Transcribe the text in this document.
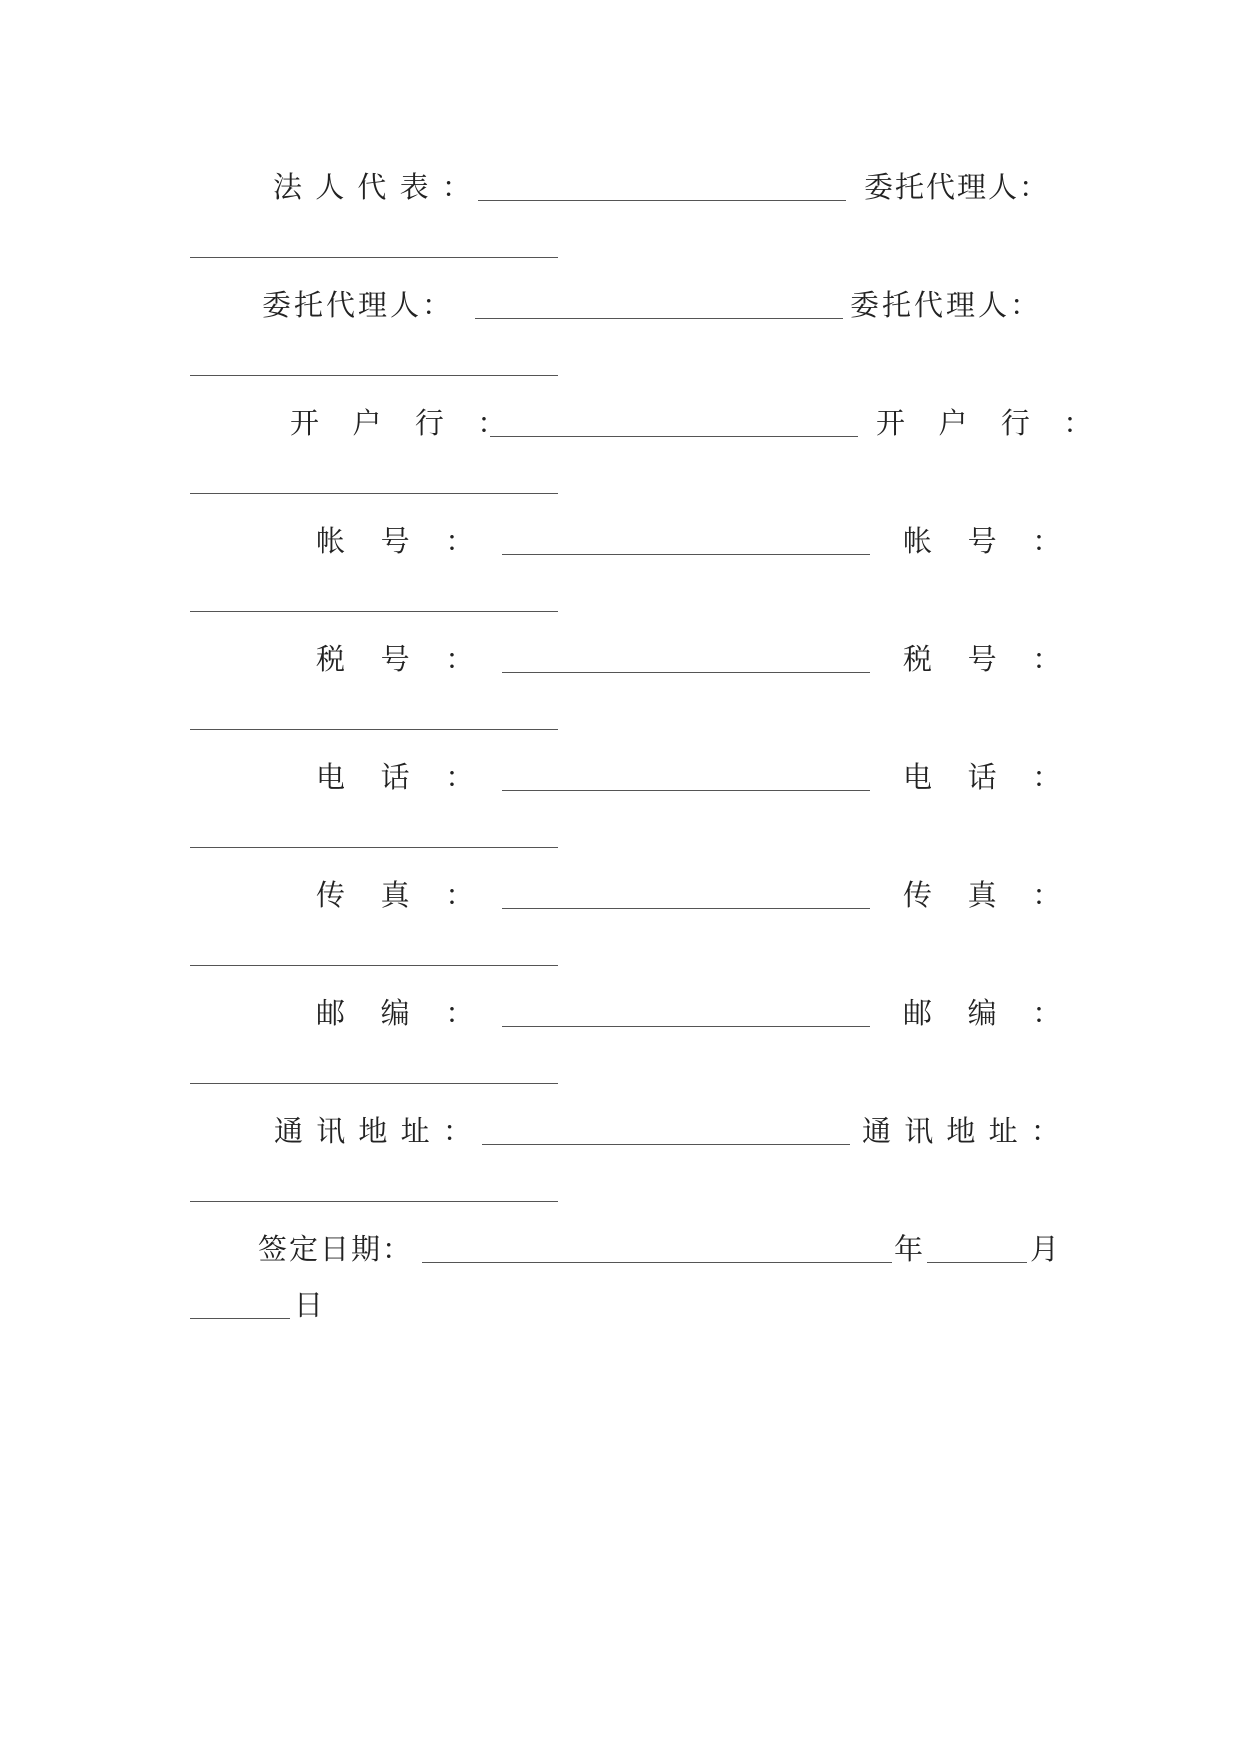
法 人 代 表 ：	委托代理人：
委托代理人：	委托代理人：
开  户  行  ：	开  户  行  ：
帐   号   ：	帐   号   ：
税   号   ：	税   号   ：
电   话   ：	电   话   ：
传   真   ：	传   真   ：
邮   编   ：	邮   编   ：
通 讯 地 址 ：	通 讯 地 址 ：
签定日期：	年	月
日
